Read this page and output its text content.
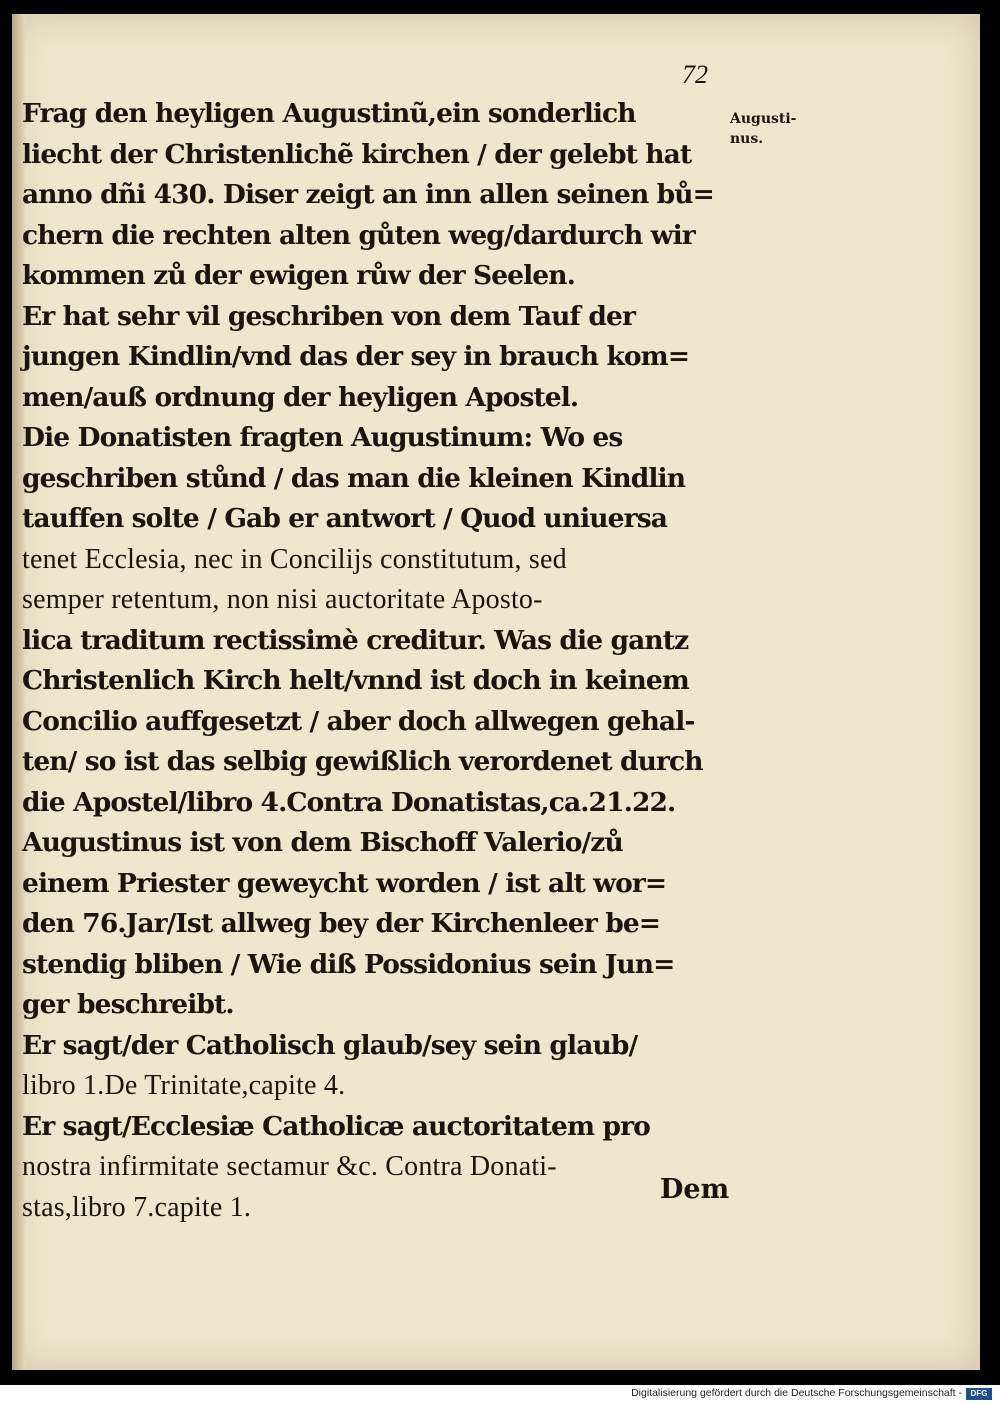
72
Augusti-
nus.
Frag den heyligen Augustinũ,ein sonderlich
liecht der Christenlichẽ kirchen / der gelebt hat
anno dñi 430. Diser zeigt an inn allen seinen bů=
chern die rechten alten gůten weg/dardurch wir
kommen zů der ewigen růw der Seelen.
Er hat sehr vil geschriben von dem Tauf der
jungen Kindlin/vnd das der sey in brauch kom=
men/auß ordnung der heyligen Apostel.
Die Donatisten fragten Augustinum: Wo es
geschriben stůnd / das man die kleinen Kindlin
tauffen solte / Gab er antwort / Quod uniuersa
tenet Ecclesia, nec in Concilijs constitutum, sed
semper retentum, non nisi auctoritate Aposto-
lica traditum rectissimè creditur. Was die gantz
Christenlich Kirch helt/vnnd ist doch in keinem
Concilio auffgesetzt / aber doch allwegen gehal-
ten/ so ist das selbig gewißlich verordenet durch
die Apostel/libro 4.Contra Donatistas,ca.21.22.
Augustinus ist von dem Bischoff Valerio/zů
einem Priester geweycht worden / ist alt wor=
den 76.Jar/Ist allweg bey der Kirchenleer be=
stendig bliben / Wie diß Possidonius sein Jun=
ger beschreibt.
Er sagt/der Catholisch glaub/sey sein glaub/
libro 1.De Trinitate,capite 4.
Er sagt/Ecclesiæ Catholicæ auctoritatem pro
nostra infirmitate sectamur &c. Contra Donati-
stas,libro 7.capite 1.
Dem
Digitalisierung gefördert durch die Deutsche Forschungsgemeinschaft -	DFG
